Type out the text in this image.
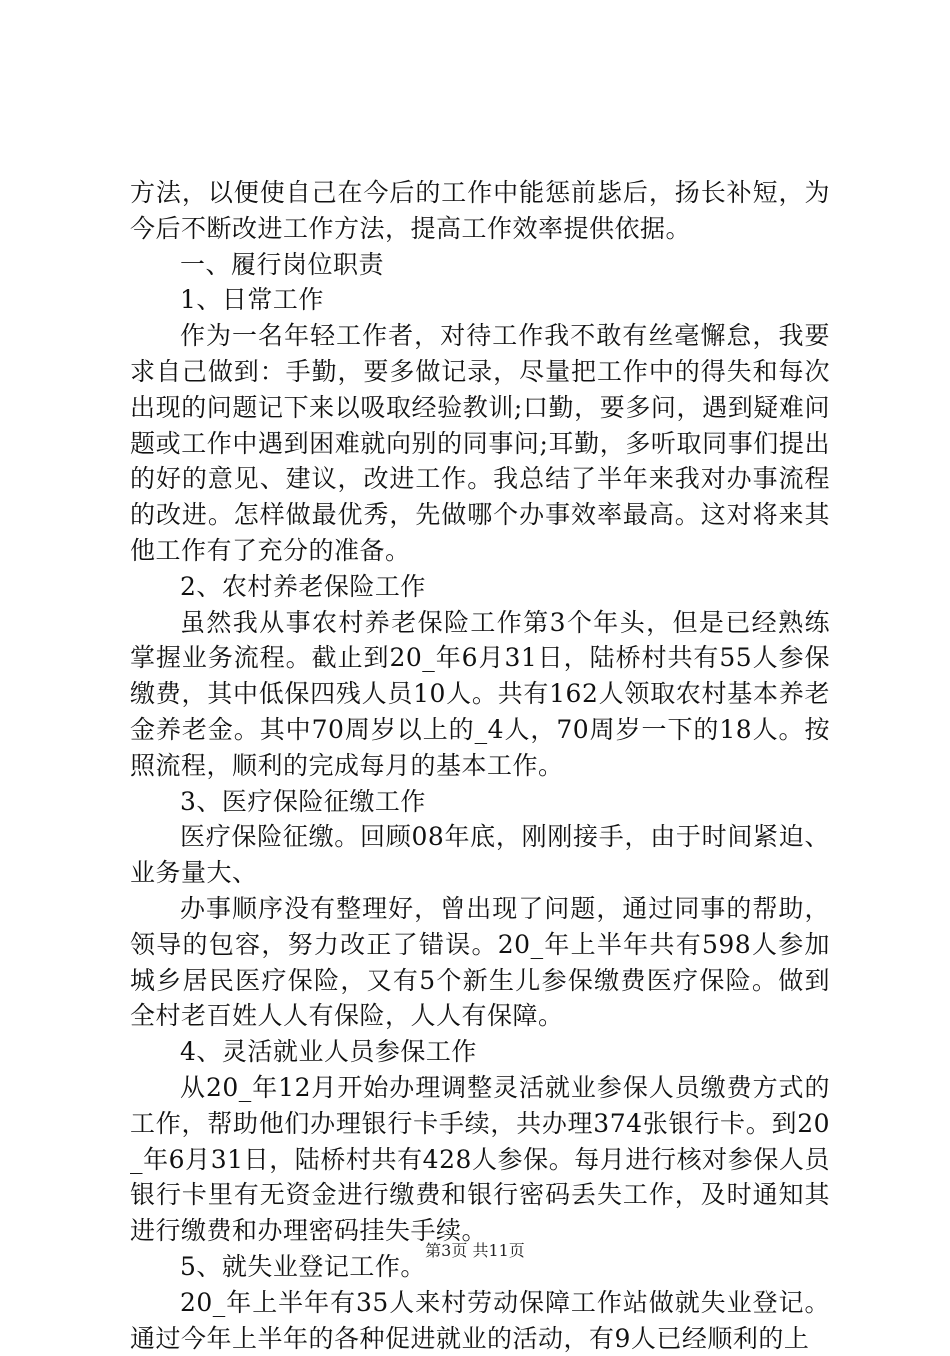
方法，以便使自己在今后的工作中能惩前毖后，扬长补短，为今后不断改进工作方法，提高工作效率提供依据。

一、履行岗位职责

1、日常工作

作为一名年轻工作者，对待工作我不敢有丝毫懈怠，我要求自己做到：手勤，要多做记录，尽量把工作中的得失和每次出现的问题记下来以吸取经验教训;口勤，要多问，遇到疑难问题或工作中遇到困难就向别的同事问;耳勤，多听取同事们提出的好的意见、建议，改进工作。我总结了半年来我对办事流程的改进。怎样做最优秀，先做哪个办事效率最高。这对将来其他工作有了充分的准备。

2、农村养老保险工作

虽然我从事农村养老保险工作第3个年头，但是已经熟练掌握业务流程。截止到20_年6月31日，陆桥村共有55人参保缴费，其中低保四残人员10人。共有162人领取农村基本养老金养老金。其中70周岁以上的_4人，70周岁一下的18人。按照流程，顺利的完成每月的基本工作。

3、医疗保险征缴工作

医疗保险征缴。回顾08年底，刚刚接手，由于时间紧迫、业务量大、

办事顺序没有整理好，曾出现了问题，通过同事的帮助，领导的包容，努力改正了错误。20_年上半年共有598人参加城乡居民医疗保险，又有5个新生儿参保缴费医疗保险。做到全村老百姓人人有保险，人人有保障。

4、灵活就业人员参保工作

从20_年12月开始办理调整灵活就业参保人员缴费方式的工作，帮助他们办理银行卡手续，共办理374张银行卡。到20_年6月31日，陆桥村共有428人参保。每月进行核对参保人员银行卡里有无资金进行缴费和银行密码丢失工作，及时通知其进行缴费和办理密码挂失手续。

5、就失业登记工作。

20_年上半年有35人来村劳动保障工作站做就失业登记。通过今年上半年的各种促进就业的活动，有9人已经顺利的上

第3页 共11页
